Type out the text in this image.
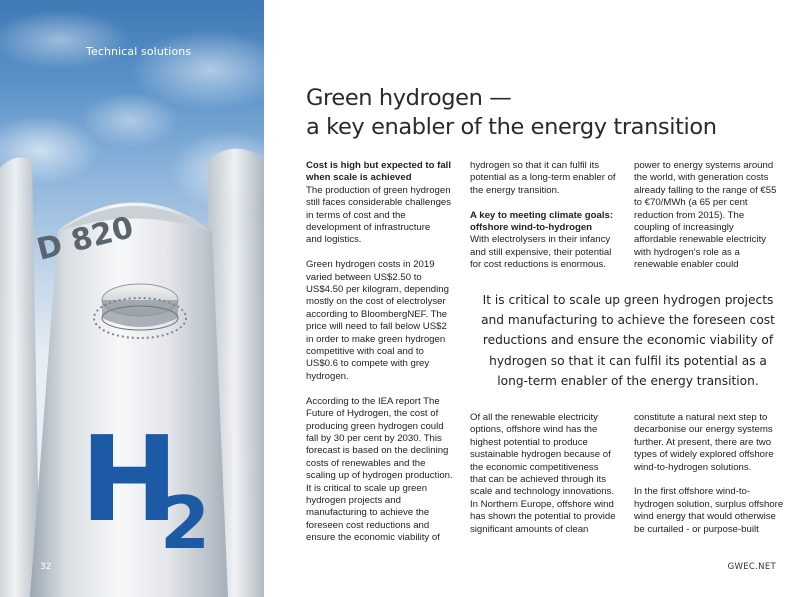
H
2
D 820
Technical solutions
32
Green hydrogen —
a key enabler of the energy transition
Cost is high but expected to fall
when scale is achieved

The production of green hydrogen
still faces considerable challenges
in terms of cost and the
development of infrastructure
and logistics.

Green hydrogen costs in 2019
varied between US$2.50 to
US$4.50 per kilogram, depending
mostly on the cost of electrolyser
according to BloombergNEF. The
price will need to fall below US$2
in order to make green hydrogen
competitive with coal and to
US$0.6 to compete with grey
hydrogen.

According to the IEA report The
Future of Hydrogen, the cost of
producing green hydrogen could
fall by 30 per cent by 2030. This
forecast is based on the declining
costs of renewables and the
scaling up of hydrogen production.
It is critical to scale up green
hydrogen projects and
manufacturing to achieve the
foreseen cost reductions and
ensure the economic viability of

hydrogen so that it can fulfil its
potential as a long-term enabler of
the energy transition.

A key to meeting climate goals:
offshore wind-to-hydrogen

With electrolysers in their infancy
and still expensive, their potential
for cost reductions is enormous.

power to energy systems around
the world, with generation costs
already falling to the range of €55
to €70/MWh (a 65 per cent
reduction from 2015). The
coupling of increasingly
affordable renewable electricity
with hydrogen's role as a
renewable enabler could

It is critical to scale up green hydrogen projects
and manufacturing to achieve the foreseen cost
reductions and ensure the economic viability of
hydrogen so that it can fulfil its potential as a
long-term enabler of the energy transition.

Of all the renewable electricity
options, offshore wind has the
highest potential to produce
sustainable hydrogen because of
the economic competitiveness
that can be achieved through its
scale and technology innovations.
In Northern Europe, offshore wind
has shown the potential to provide
significant amounts of clean

constitute a natural next step to
decarbonise our energy systems
further. At present, there are two
types of widely explored offshore
wind-to-hydrogen solutions.

In the first offshore wind-to-
hydrogen solution, surplus offshore
wind energy that would otherwise
be curtailed - or purpose-built

GWEC.NET
